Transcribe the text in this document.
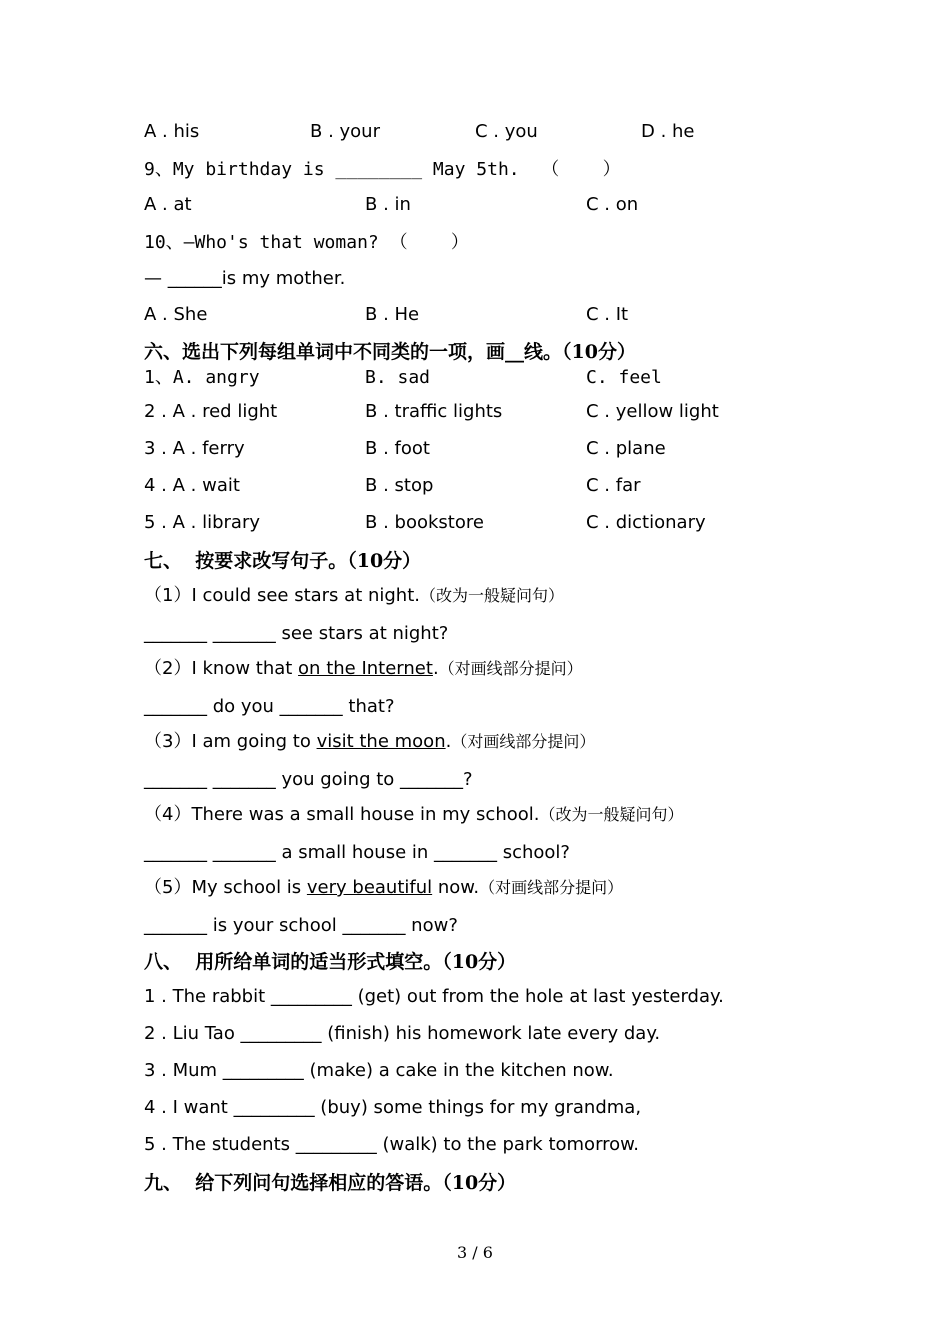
A . his	B . your	C . you	D . he
9、My birthday is ________ May 5th.  （    ）
A . at	B . in	C . on
10、—Who's that woman? （    ）
— ______is my mother.
A . She	B . He	C . It
六、选出下列每组单词中不同类的一项，画__线。（10分）
1、A. angry	B. sad	C. feel
2 . A . red light	B . traffic lights	C . yellow light
3 . A . ferry	B . foot	C . plane
4 . A . wait	B . stop	C . far
5 . A . library	B . bookstore	C . dictionary
七、  按要求改写句子。（10分）
（1）I could see stars at night.（改为一般疑问句）
_______ _______ see stars at night?
（2）I know that on the Internet.（对画线部分提问）
_______ do you _______ that?
（3）I am going to visit the moon.（对画线部分提问）
_______ _______ you going to _______?
（4）There was a small house in my school.（改为一般疑问句）
_______ _______ a small house in _______ school?
（5）My school is very beautiful now.（对画线部分提问）
_______ is your school _______ now?
八、  用所给单词的适当形式填空。（10分）
1 . The rabbit _________ (get) out from the hole at last yesterday.
2 . Liu Tao _________ (finish) his homework late every day.
3 . Mum _________ (make) a cake in the kitchen now.
4 . I want _________ (buy) some things for my grandma,
5 . The students _________ (walk) to the park tomorrow.
九、  给下列问句选择相应的答语。（10分）
3 / 6
